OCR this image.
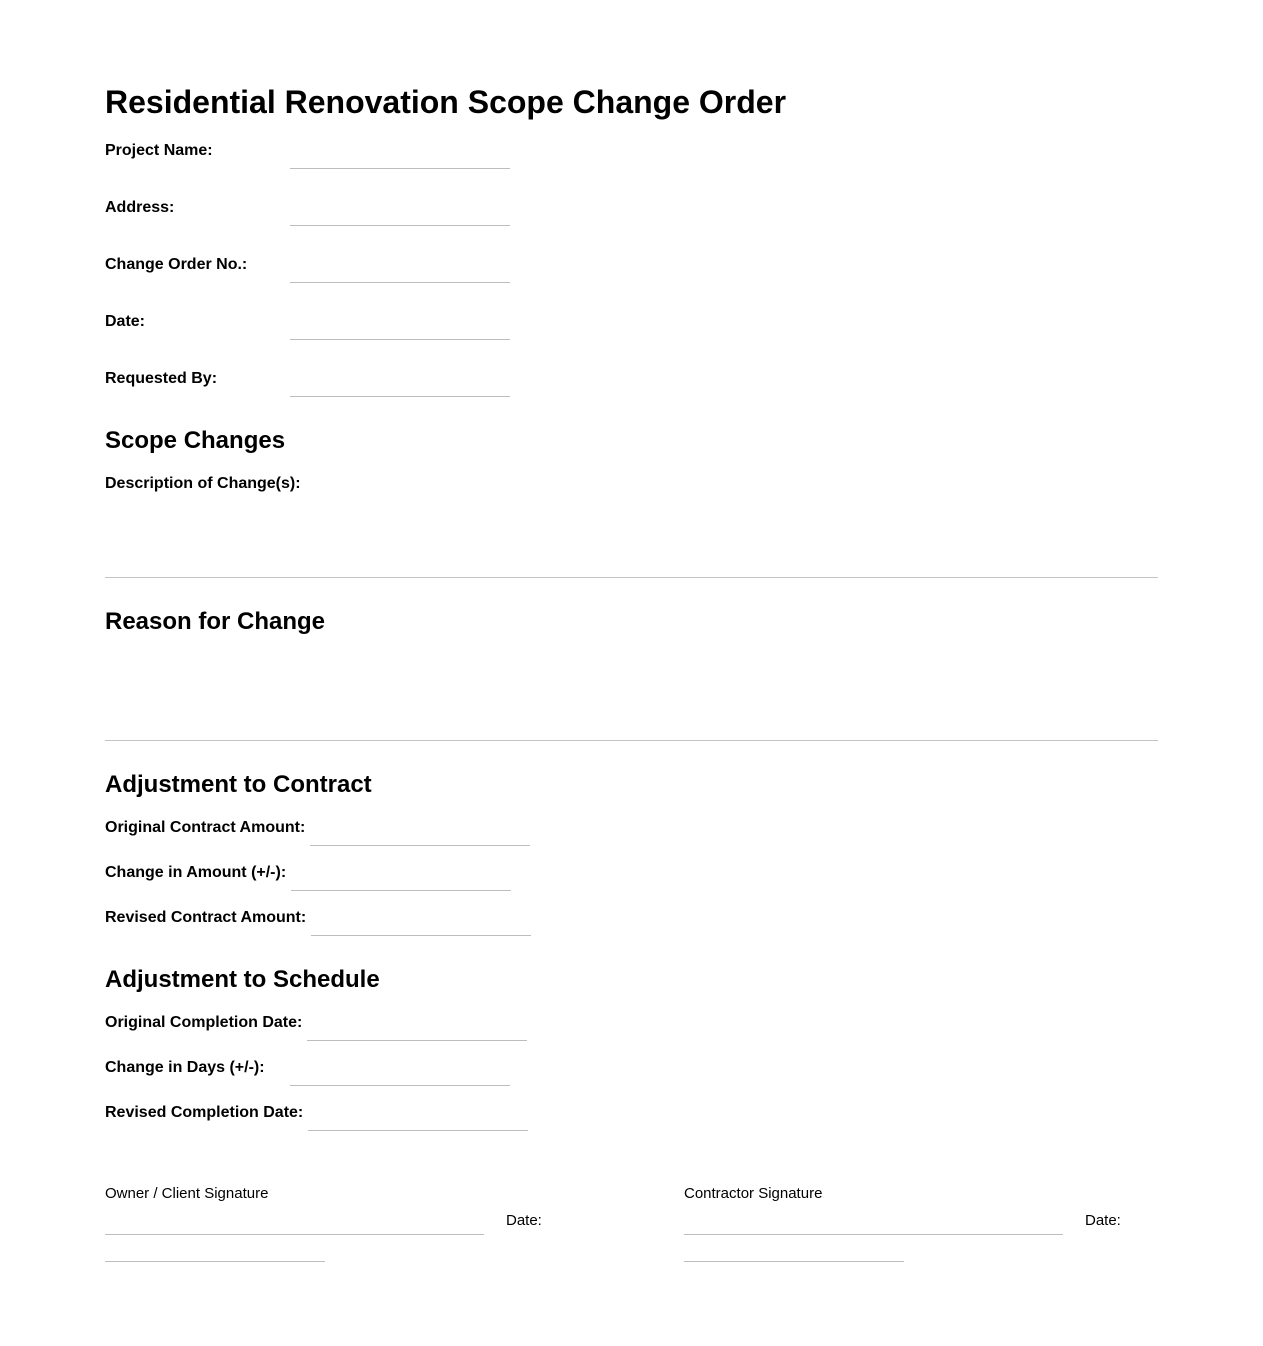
Residential Renovation Scope Change Order
Project Name:
Address:
Change Order No.:
Date:
Requested By:
Scope Changes
Description of Change(s):
Reason for Change
Adjustment to Contract
Original Contract Amount:
Change in Amount (+/-):
Revised Contract Amount:
Adjustment to Schedule
Original Completion Date:
Change in Days (+/-):
Revised Completion Date:
Owner / Client Signature
Date:
Contractor Signature
Date:
